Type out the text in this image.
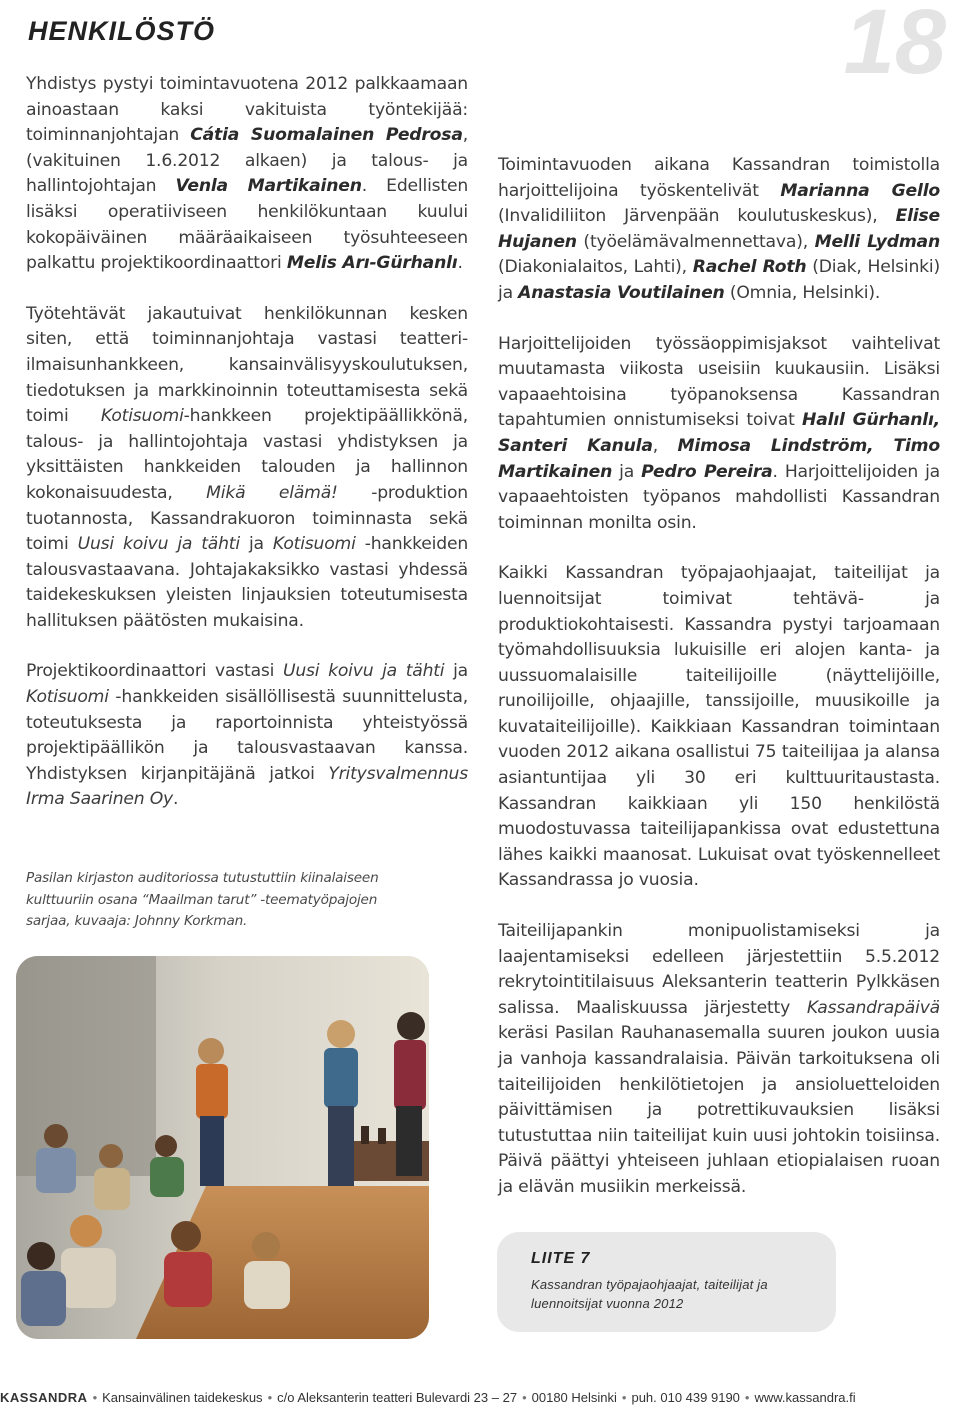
HENKILÖSTÖ	18

Yhdistys pystyi toimintavuotena 2012 palkkaamaan ainoastaan kaksi vakituista työntekijää: toiminnanjohtajan Cátia Suomalainen Pedrosa, (vakituinen 1.6.2012 alkaen) ja talous- ja hallintojohtajan Venla Martikainen. Edellisten lisäksi operatiiviseen henkilökuntaan kuului kokopäiväinen määräaikaiseen työsuhteeseen palkattu projektikoordinaattori Melis Arı-Gürhanlı.

Työtehtävät jakautuivat henkilökunnan kesken siten, että toiminnanjohtaja vastasi teatteri-ilmaisunhankkeen, kansainvälisyyskoulutuksen, tiedotuksen ja markkinoinnin toteuttamisesta sekä toimi Kotisuomi-hankkeen projektipäällikkönä, talous- ja hallintojohtaja vastasi yhdistyksen ja yksittäisten hankkeiden talouden ja hallinnon kokonaisuudesta, Mikä elämä! -produktion tuotannosta, Kassandrakuoron toiminnasta sekä toimi Uusi koivu ja tähti ja Kotisuomi -hankkeiden talousvastaavana. Johtajakaksikko vastasi yhdessä taidekeskuksen yleisten linjauksien toteutumisesta hallituksen päätösten mukaisina.

Projektikoordinaattori vastasi Uusi koivu ja tähti ja Kotisuomi -hankkeiden sisällöllisestä suunnittelusta, toteutuksesta ja raportoinnista yhteistyössä projektipäällikön ja talousvastaavan kanssa. Yhdistyksen kirjanpitäjänä jatkoi Yritysvalmennus Irma Saarinen Oy.

Pasilan kirjaston auditoriossa tutustuttiin kiinalaiseen kulttuuriin osana “Maailman tarut” -teematyöpajojen sarjaa, kuvaaja: Johnny Korkman.

Toimintavuoden aikana Kassandran toimistolla harjoittelijoina työskentelivät Marianna Gello (Invalidiliiton Järvenpään koulutuskeskus), Elise Hujanen (työelämävalmennettava), Melli Lydman (Diakonialaitos, Lahti), Rachel Roth (Diak, Helsinki) ja Anastasia Voutilainen (Omnia, Helsinki).

Harjoittelijoiden työssäoppimisjaksot vaihtelivat muutamasta viikosta useisiin kuukausiin. Lisäksi vapaaehtoisina työpanoksensa Kassandran tapahtumien onnistumiseksi toivat Halıl Gürhanlı, Santeri Kanula, Mimosa Lindström, Timo Martikainen ja Pedro Pereira. Harjoittelijoiden ja vapaaehtoisten työpanos mahdollisti Kassandran toiminnan monilta osin.

Kaikki Kassandran työpajaohjaajat, taiteilijat ja luennoitsijat toimivat tehtävä- ja produktiokohtaisesti. Kassandra pystyi tarjoamaan työmahdollisuuksia lukuisille eri alojen kanta- ja uussuomalaisille taiteilijoille (näyttelijöille, runoilijoille, ohjaajille, tanssijoille, muusikoille ja kuvataiteilijoille). Kaikkiaan Kassandran toimintaan vuoden 2012 aikana osallistui 75 taiteilijaa ja alansa asiantuntijaa yli 30 eri kulttuuritaustasta. Kassandran kaikkiaan yli 150 henkilöstä muodostuvassa taiteilijapankissa ovat edustettuna lähes kaikki maanosat. Lukuisat ovat työskennelleet Kassandrassa jo vuosia.

Taiteilijapankin monipuolistamiseksi ja laajentamiseksi edelleen järjestettiin 5.5.2012 rekrytointitilaisuus Aleksanterin teatterin Pylkkäsen salissa. Maaliskuussa järjestetty Kassandrapäivä keräsi Pasilan Rauhanasemalla suuren joukon uusia ja vanhoja kassandralaisia. Päivän tarkoituksena oli taiteilijoiden henkilötietojen ja ansioluetteloiden päivittämisen ja potrettikuvauksien lisäksi tutustuttaa niin taiteilijat kuin uusi johtokin toisiinsa. Päivä päättyi yhteiseen juhlaan etiopialaisen ruoan ja elävän musiikin merkeissä.

LIITE 7
Kassandran työpajaohjaajat, taiteilijat ja luennoitsijat vuonna 2012
KASSANDRA • Kansainvälinen taidekeskus • c/o Aleksanterin teatteri Bulevardi 23 – 27 • 00180 Helsinki • puh. 010 439 9190 • www.kassandra.fi
